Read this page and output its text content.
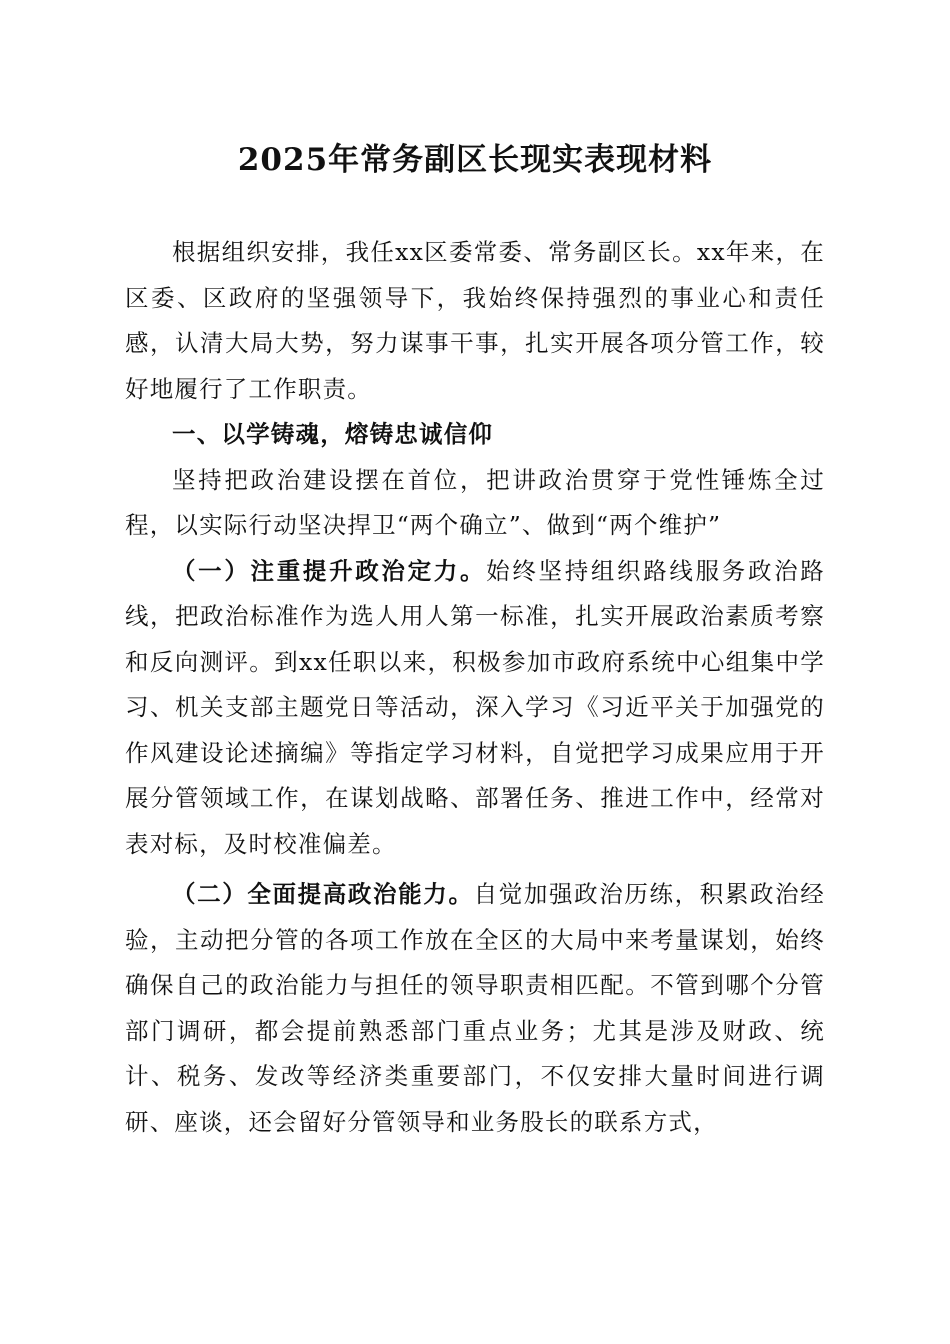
2025年常务副区长现实表现材料

根据组织安排，我任xx区委常委、常务副区长。xx年来，在区委、区政府的坚强领导下，我始终保持强烈的事业心和责任感，认清大局大势，努力谋事干事，扎实开展各项分管工作，较好地履行了工作职责。

一、以学铸魂，熔铸忠诚信仰

坚持把政治建设摆在首位，把讲政治贯穿于党性锤炼全过程，以实际行动坚决捍卫“两个确立”、做到“两个维护”

（一）注重提升政治定力。始终坚持组织路线服务政治路线，把政治标准作为选人用人第一标准，扎实开展政治素质考察和反向测评。到xx任职以来，积极参加市政府系统中心组集中学习、机关支部主题党日等活动，深入学习《习近平关于加强党的作风建设论述摘编》等指定学习材料，自觉把学习成果应用于开展分管领域工作，在谋划战略、部署任务、推进工作中，经常对表对标，及时校准偏差。

（二）全面提高政治能力。自觉加强政治历练，积累政治经验，主动把分管的各项工作放在全区的大局中来考量谋划，始终确保自己的政治能力与担任的领导职责相匹配。不管到哪个分管部门调研，都会提前熟悉部门重点业务；尤其是涉及财政、统计、税务、发改等经济类重要部门，不仅安排大量时间进行调研、座谈，还会留好分管领导和业务股长的联系方式，
